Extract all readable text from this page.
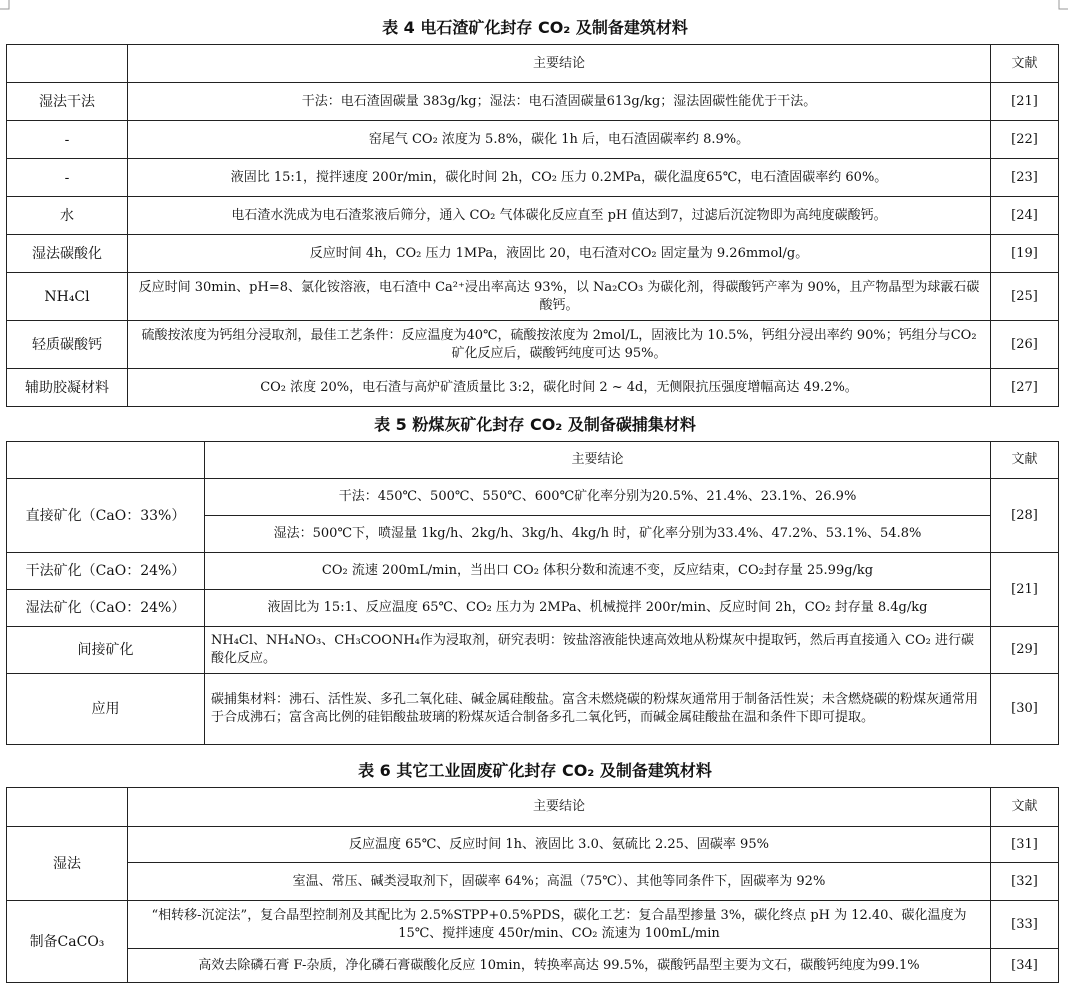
表 4 电石渣矿化封存 CO₂ 及制备建筑材料
	主要结论	文献
湿法干法	干法：电石渣固碳量 383g/kg；湿法：电石渣固碳量613g/kg；湿法固碳性能优于干法。	[21]
-	窑尾气 CO₂ 浓度为 5.8%，碳化 1h 后，电石渣固碳率约 8.9%。	[22]
-	液固比 15:1，搅拌速度 200r/min，碳化时间 2h，CO₂ 压力 0.2MPa，碳化温度65℃，电石渣固碳率约 60%。	[23]
水	电石渣水洗成为电石渣浆液后筛分，通入 CO₂ 气体碳化反应直至 pH 值达到7，过滤后沉淀物即为高纯度碳酸钙。	[24]
湿法碳酸化	反应时间 4h，CO₂ 压力 1MPa，液固比 20，电石渣对CO₂ 固定量为 9.26mmol/g。	[19]
NH₄Cl	反应时间 30min、pH=8、氯化铵溶液，电石渣中 Ca²⁺浸出率高达 93%，以 Na₂CO₃ 为碳化剂，得碳酸钙产率为 90%，且产物晶型为球霰石碳酸钙。	[25]
轻质碳酸钙	硫酸按浓度为钙组分浸取剂，最佳工艺条件：反应温度为40℃，硫酸按浓度为 2mol/L，固液比为 10.5%，钙组分浸出率约 90%；钙组分与CO₂ 矿化反应后，碳酸钙纯度可达 95%。	[26]
辅助胶凝材料	CO₂ 浓度 20%，电石渣与高炉矿渣质量比 3:2，碳化时间 2 ~ 4d，无侧限抗压强度增幅高达 49.2%。	[27]
表 5 粉煤灰矿化封存 CO₂ 及制备碳捕集材料
	主要结论	文献
直接矿化（CaO：33%）	干法：450℃、500℃、550℃、600℃矿化率分别为20.5%、21.4%、23.1%、26.9%	[28]
	湿法：500℃下，喷湿量 1kg/h、2kg/h、3kg/h、4kg/h 时，矿化率分别为33.4%、47.2%、53.1%、54.8%	
干法矿化（CaO：24%）	CO₂ 流速 200mL/min，当出口 CO₂ 体积分数和流速不变，反应结束，CO₂封存量 25.99g/kg	[21]
湿法矿化（CaO：24%）	液固比为 15:1、反应温度 65℃、CO₂ 压力为 2MPa、机械搅拌 200r/min、反应时间 2h，CO₂ 封存量 8.4g/kg	
间接矿化	NH₄Cl、NH₄NO₃、CH₃COONH₄作为浸取剂，研究表明：铵盐溶液能快速高效地从粉煤灰中提取钙，然后再直接通入 CO₂ 进行碳酸化反应。	[29]
应用	碳捕集材料：沸石、活性炭、多孔二氧化硅、碱金属硅酸盐。富含未燃烧碳的粉煤灰通常用于制备活性炭；未含燃烧碳的粉煤灰通常用于合成沸石；富含高比例的硅铝酸盐玻璃的粉煤灰适合制备多孔二氧化钙，而碱金属硅酸盐在温和条件下即可提取。	[30]
表 6 其它工业固废矿化封存 CO₂ 及制备建筑材料
	主要结论	文献
湿法	反应温度 65℃、反应时间 1h、液固比 3.0、氨硫比 2.25、固碳率 95%	[31]
	室温、常压、碱类浸取剂下，固碳率 64%；高温（75℃）、其他等同条件下，固碳率为 92%	[32]
制备CaCO₃	“相转移-沉淀法”，复合晶型控制剂及其配比为 2.5%STPP+0.5%PDS，碳化工艺：复合晶型掺量 3%，碳化终点 pH 为 12.40、碳化温度为 15℃、搅拌速度 450r/min、CO₂ 流速为 100mL/min	[33]
	高效去除磷石膏 F-杂质，净化磷石膏碳酸化反应 10min，转换率高达 99.5%，碳酸钙晶型主要为文石，碳酸钙纯度为99.1%	[34]
